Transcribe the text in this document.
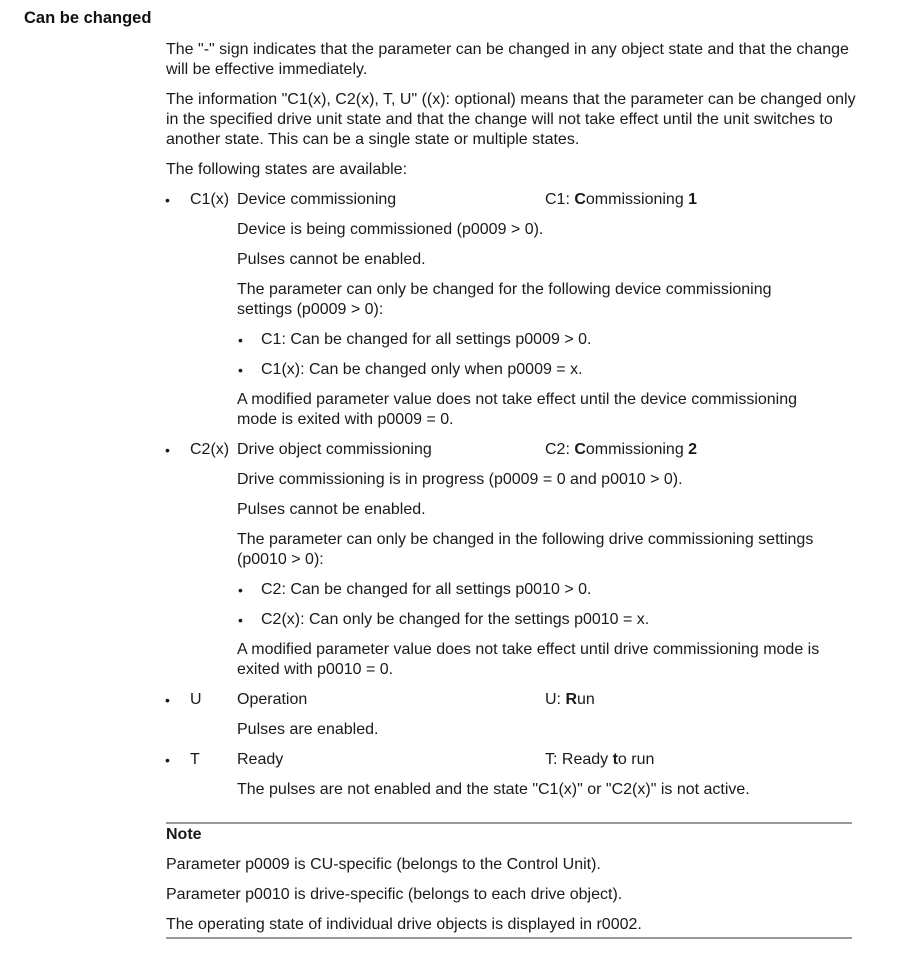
Can be changed
The "-" sign indicates that the parameter can be changed in any object state and that the change will be effective immediately.
The information "C1(x), C2(x), T, U" ((x): optional) means that the parameter can be changed only in the specified drive unit state and that the change will not take effect until the unit switches to another state. This can be a single state or multiple states.
The following states are available:
• C1(x) Device commissioning	C1: Commissioning 1
Device is being commissioned (p0009 > 0).
Pulses cannot be enabled.
The parameter can only be changed for the following device commissioning
settings (p0009 > 0):
• C1: Can be changed for all settings p0009 > 0.
• C1(x): Can be changed only when p0009 = x.
A modified parameter value does not take effect until the device commissioning
mode is exited with p0009 = 0.
• C2(x) Drive object commissioning	C2: Commissioning 2
Drive commissioning is in progress (p0009 = 0 and p0010 > 0).
Pulses cannot be enabled.
The parameter can only be changed in the following drive commissioning settings
(p0010 > 0):
• C2: Can be changed for all settings p0010 > 0.
• C2(x): Can only be changed for the settings p0010 = x.
A modified parameter value does not take effect until drive commissioning mode is
exited with p0010 = 0.
• U Operation	U: Run
Pulses are enabled.
• T Ready	T: Ready to run
The pulses are not enabled and the state "C1(x)" or "C2(x)" is not active.
Note
Parameter p0009 is CU-specific (belongs to the Control Unit).
Parameter p0010 is drive-specific (belongs to each drive object).
The operating state of individual drive objects is displayed in r0002.
